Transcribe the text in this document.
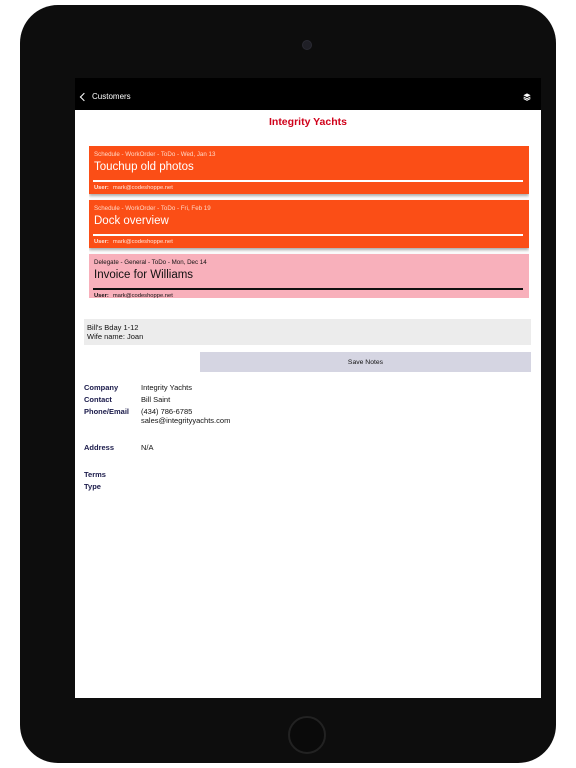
Customers
Integrity Yachts
Schedule - WorkOrder - ToDo - Wed, Jan 13
Touchup old photos
User: mark@codeshoppe.net
Schedule - WorkOrder - ToDo - Fri, Feb 19
Dock overview
User: mark@codeshoppe.net
Delegate - General - ToDo - Mon, Dec 14
Invoice for Williams
User: mark@codeshoppe.net
Bill's Bday 1-12
Wife name: Joan
Save Notes
Company	Integrity Yachts
Contact	Bill Saint
Phone/Email	(434) 786-6785
sales@integrityyachts.com
Address	N/A
Terms
Type
